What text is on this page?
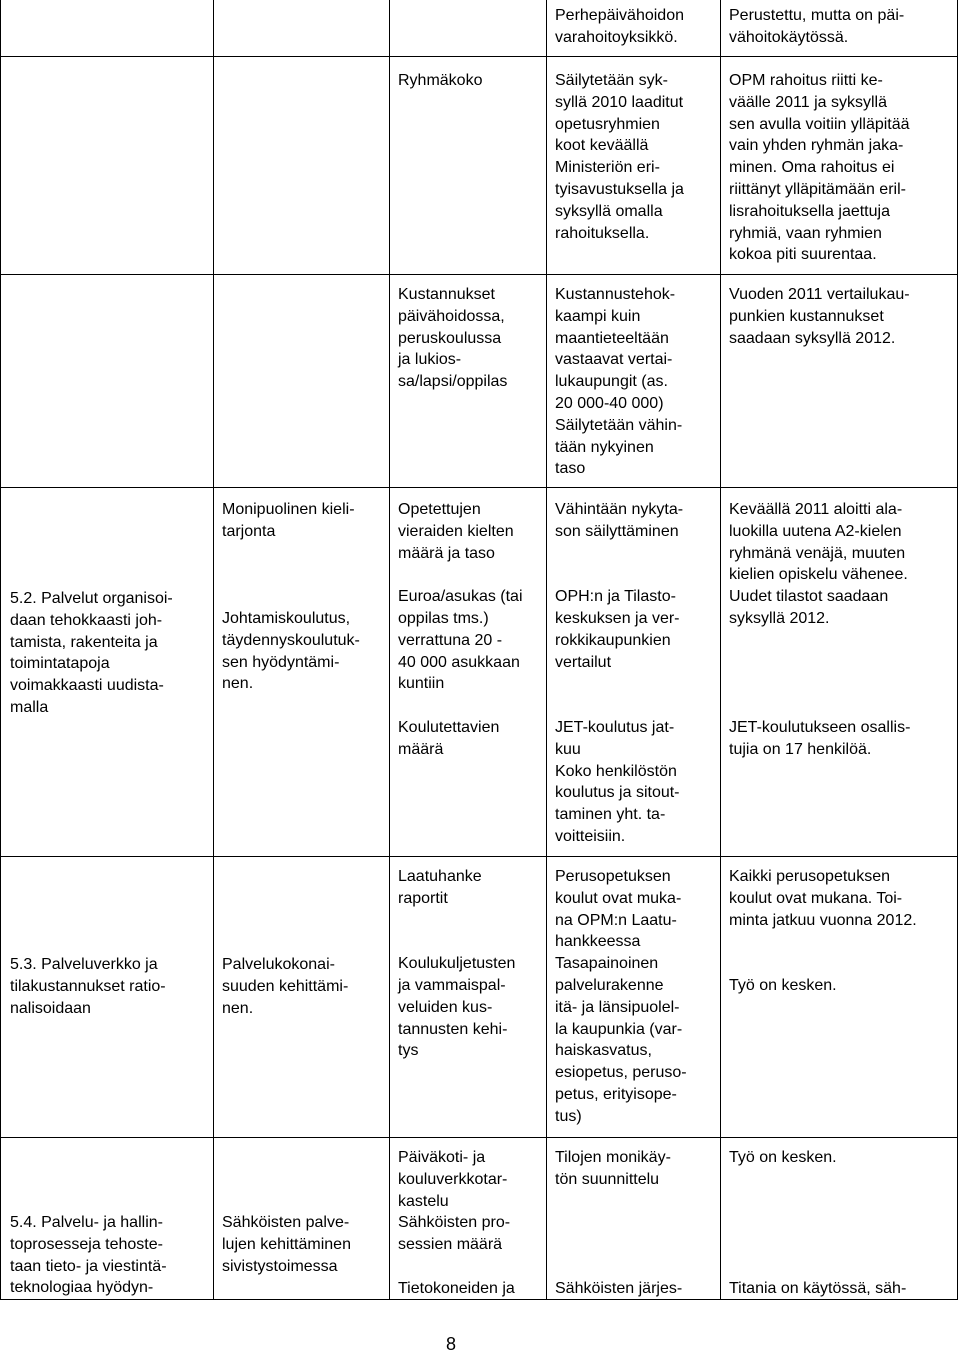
Perhepäivähoidon
varahoitoyksikkö.
Perustettu, mutta on päi-
vähoitokäytössä.
Ryhmäkoko	Säilytetään syk-
syllä 2010 laaditut
opetusryhmien
koot keväällä
Ministeriön eri-
tyisavustuksella ja
syksyllä omalla
rahoituksella.
OPM rahoitus riitti ke-
väälle 2011 ja syksyllä
sen avulla voitiin ylläpitää
vain yhden ryhmän jaka-
minen. Oma rahoitus ei
riittänyt ylläpitämään eril-
lisrahoituksella jaettuja
ryhmiä, vaan ryhmien
kokoa piti suurentaa.
Kustannukset
päivähoidossa,
peruskoulussa
ja lukios-
sa/lapsi/oppilas
Kustannustehok-
kaampi kuin
maantieteeltään
vastaavat vertai-
lukaupungit (as.
20 000-40 000)
Säilytetään vähin-
tään nykyinen
taso
Vuoden 2011 vertailukau-
punkien kustannukset
saadaan syksyllä 2012.
5.2. Palvelut organisoi-
daan tehokkaasti joh-
tamista, rakenteita ja
toimintatapoja
voimakkaasti uudista-
malla
Monipuolinen kieli-
tarjonta

Johtamiskoulutus,
täydennyskoulutuk-
sen hyödyntämi-
nen.
Opetettujen
vieraiden kielten
määrä ja taso

Euroa/asukas (tai
oppilas tms.)
verrattuna 20 -
40 000 asukkaan
kuntiin

Koulutettavien
määrä
Vähintään nykyta-
son säilyttäminen

OPH:n ja Tilasto-
keskuksen ja ver-
rokkikaupunkien
vertailut

JET-koulutus jat-
kuu
Koko henkilöstön
koulutus ja sitout-
taminen yht. ta-
voitteisiin.
Keväällä 2011 aloitti ala-
luokilla uutena A2-kielen
ryhmänä venäjä, muuten
kielien opiskelu vähenee.
Uudet tilastot saadaan
syksyllä 2012.

JET-koulutukseen osallis-
tujia on 17 henkilöä.
5.3. Palveluverkko ja
tilakustannukset ratio-
nalisoidaan
Palvelukokonai-
suuden kehittämi-
nen.
Laatuhanke
raportit

Koulukuljetusten
ja vammaispal-
veluiden kus-
tannusten kehi-
tys
Perusopetuksen
koulut ovat muka-
na OPM:n Laatu-
hankkeessa
Tasapainoinen
palvelurakenne
itä- ja länsipuolel-
la kaupunkia (var-
haiskasvatus,
esiopetus, peruso-
petus, erityisope-
tus)
Kaikki perusopetuksen
koulut ovat mukana. Toi-
minta jatkuu vuonna 2012.

Työ on kesken.
5.4. Palvelu- ja hallin-
toprosesseja tehoste-
taan tieto- ja viestintä-
teknologiaa hyödyn-
Sähköisten palve-
lujen kehittäminen
sivistystoimessa
Päiväkoti- ja
kouluverkkotar-
kastelu
Sähköisten pro-
sessien määrä

Tietokoneiden ja
Tilojen monikäy-
tön suunnittelu

Sähköisten järjes-
Työ on kesken.

Titania on käytössä, säh-
8
